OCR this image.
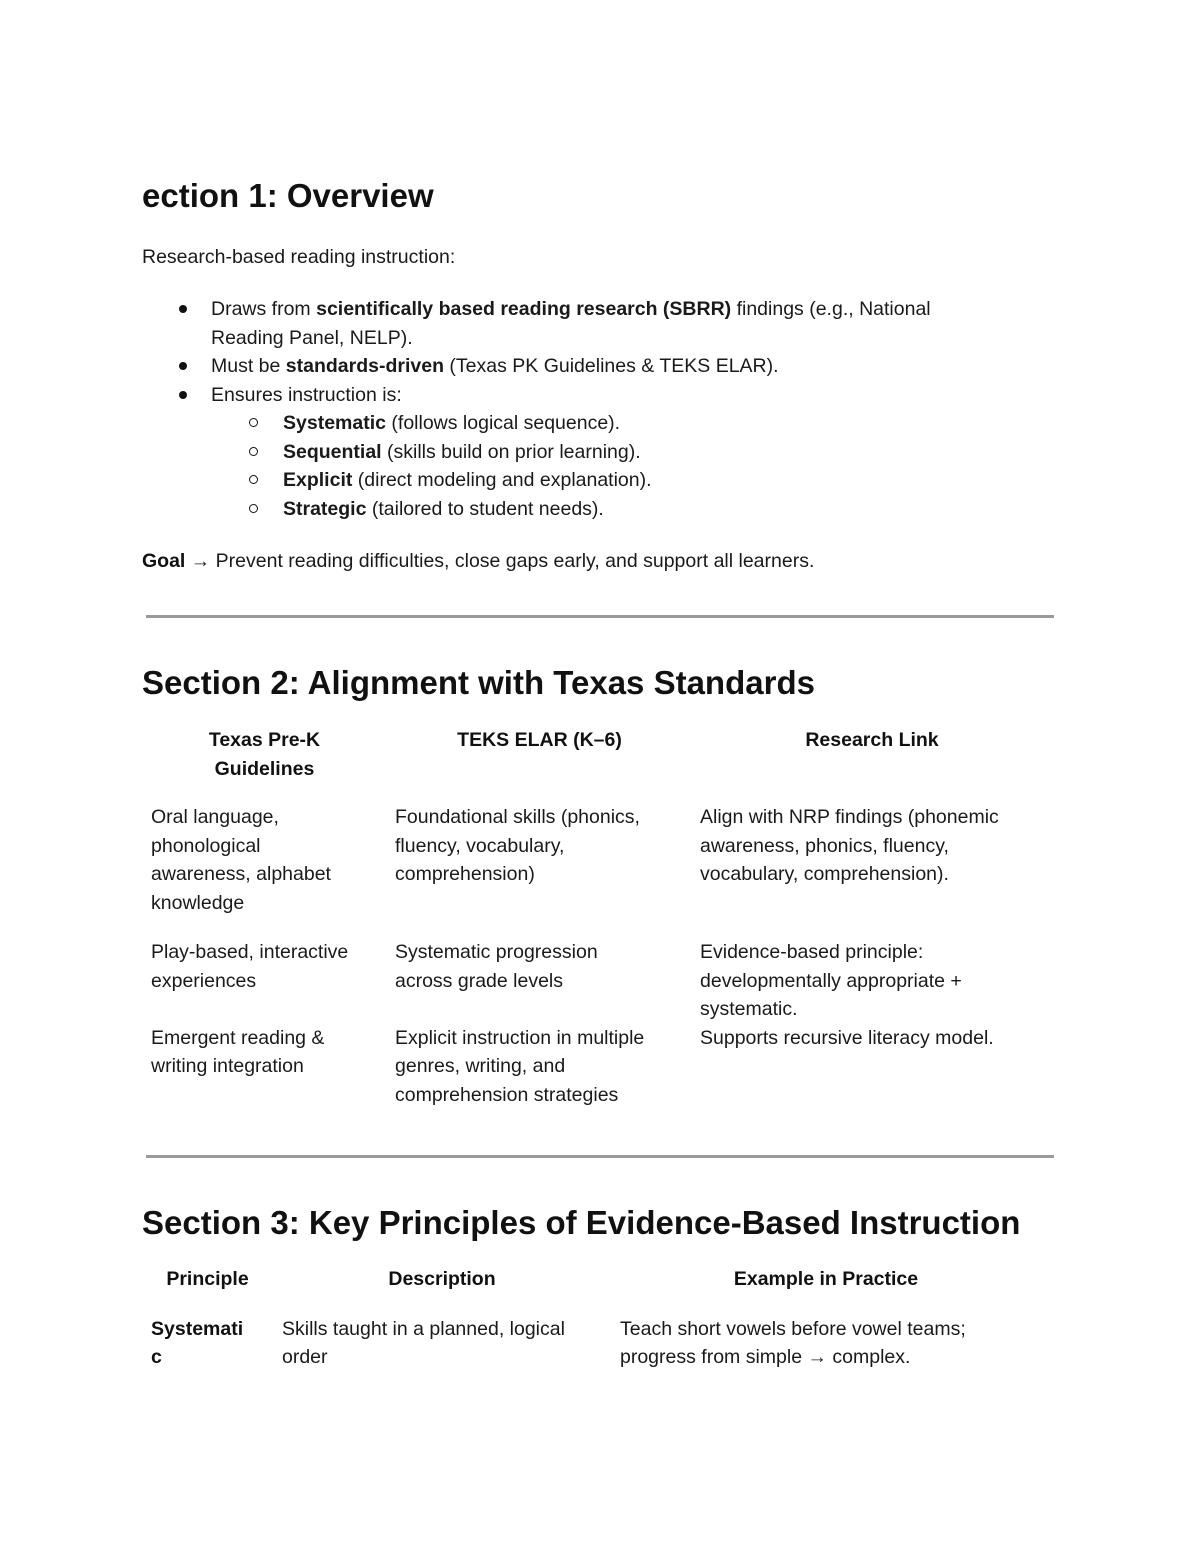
ection 1: Overview
Research-based reading instruction:
Draws from scientifically based reading research (SBRR) findings (e.g., National
Reading Panel, NELP).
Must be standards-driven (Texas PK Guidelines & TEKS ELAR).
Ensures instruction is:
Systematic (follows logical sequence).
Sequential (skills build on prior learning).
Explicit (direct modeling and explanation).
Strategic (tailored to student needs).
Goal → Prevent reading difficulties, close gaps early, and support all learners.
Section 2: Alignment with Texas Standards
Texas Pre-K
Guidelines	TEKS ELAR (K–6)	Research Link
Oral language,
phonological
awareness, alphabet
knowledge	Foundational skills (phonics,
fluency, vocabulary,
comprehension)	Align with NRP findings (phonemic
awareness, phonics, fluency,
vocabulary, comprehension).
Play-based, interactive
experiences	Systematic progression
across grade levels	Evidence-based principle:
developmentally appropriate +
systematic.
Emergent reading &
writing integration	Explicit instruction in multiple
genres, writing, and
comprehension strategies	Supports recursive literacy model.
Section 3: Key Principles of Evidence-Based Instruction
Principle	Description	Example in Practice
Systemati
c	Skills taught in a planned, logical
order	Teach short vowels before vowel teams;
progress from simple → complex.
